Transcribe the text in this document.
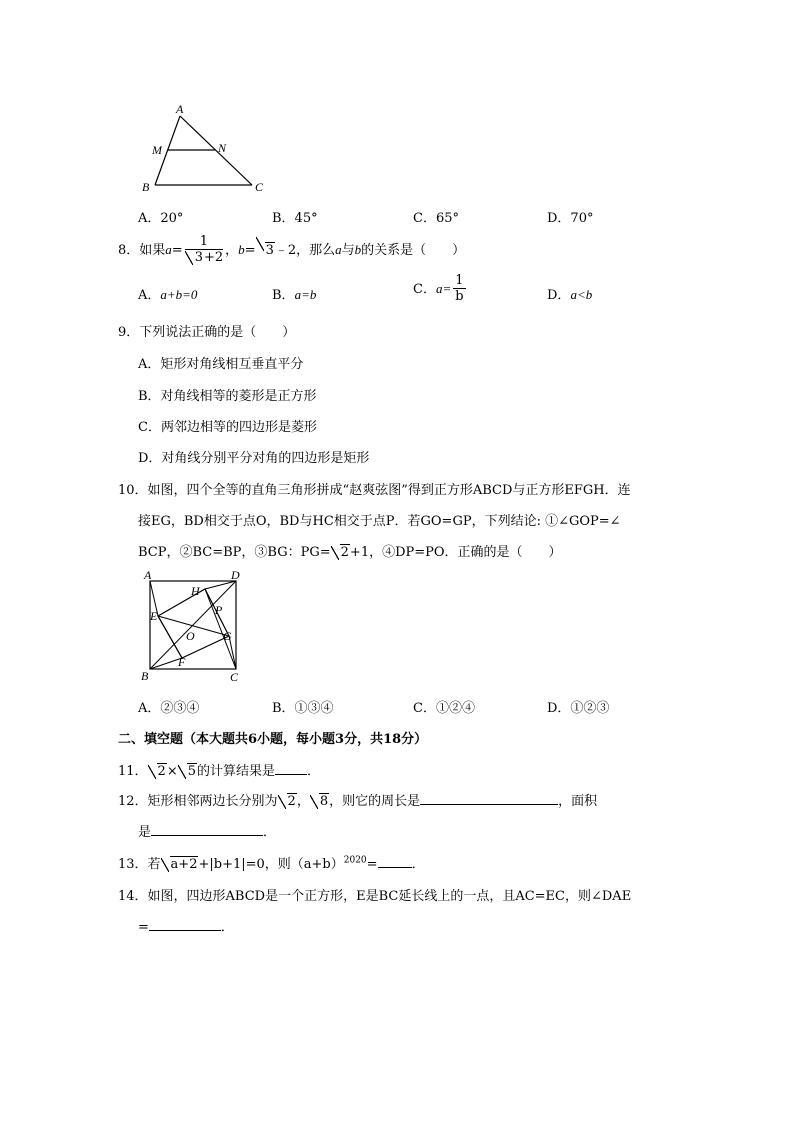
A
M	N
B	C
A．20°	B．45°	C．65°	D．70°
8．如果$a= \frac{1}{3+2}$ ，b= 3﹣2，那么a与b的关系是（　　）
A．a+b=0	B．a=b	C．$a= \frac{1}{b}$	D．a<b
9．下列说法正确的是（　　）
A．矩形对角线相互垂直平分
B．对角线相等的菱形是正方形
C．两邻边相等的四边形是菱形
D．对角线分别平分对角的四边形是矩形
10．如图，四个全等的直角三角形拼成“赵爽弦图”得到正方形ABCD与正方形EFGH．连
接EG，BD相交于点O，BD与HC相交于点P．若GO=GP，下列结论: ①∠GOP=∠
BCP，②BC=BP，③BG：PG= 2+1，④DP=PO．正确的是（　　）
A	D
H
P
E
O G
F
B	C
A．②③④	B．①③④	C．①②④	D．①②③
二、填空题（本大题共6小题，每小题3分，共18分）
11． 2× 5的计算结果是 ．
12．矩形相邻两边长分别为 2， 8，则它的周长是	，面积
是	．
13．若 a+2+|b+1|=0，则$(a+b)^{2020}=$	．
14．如图，四边形ABCD是一个正方形，E是BC延长线上的一点，且AC=EC，则∠DAE
=	．
